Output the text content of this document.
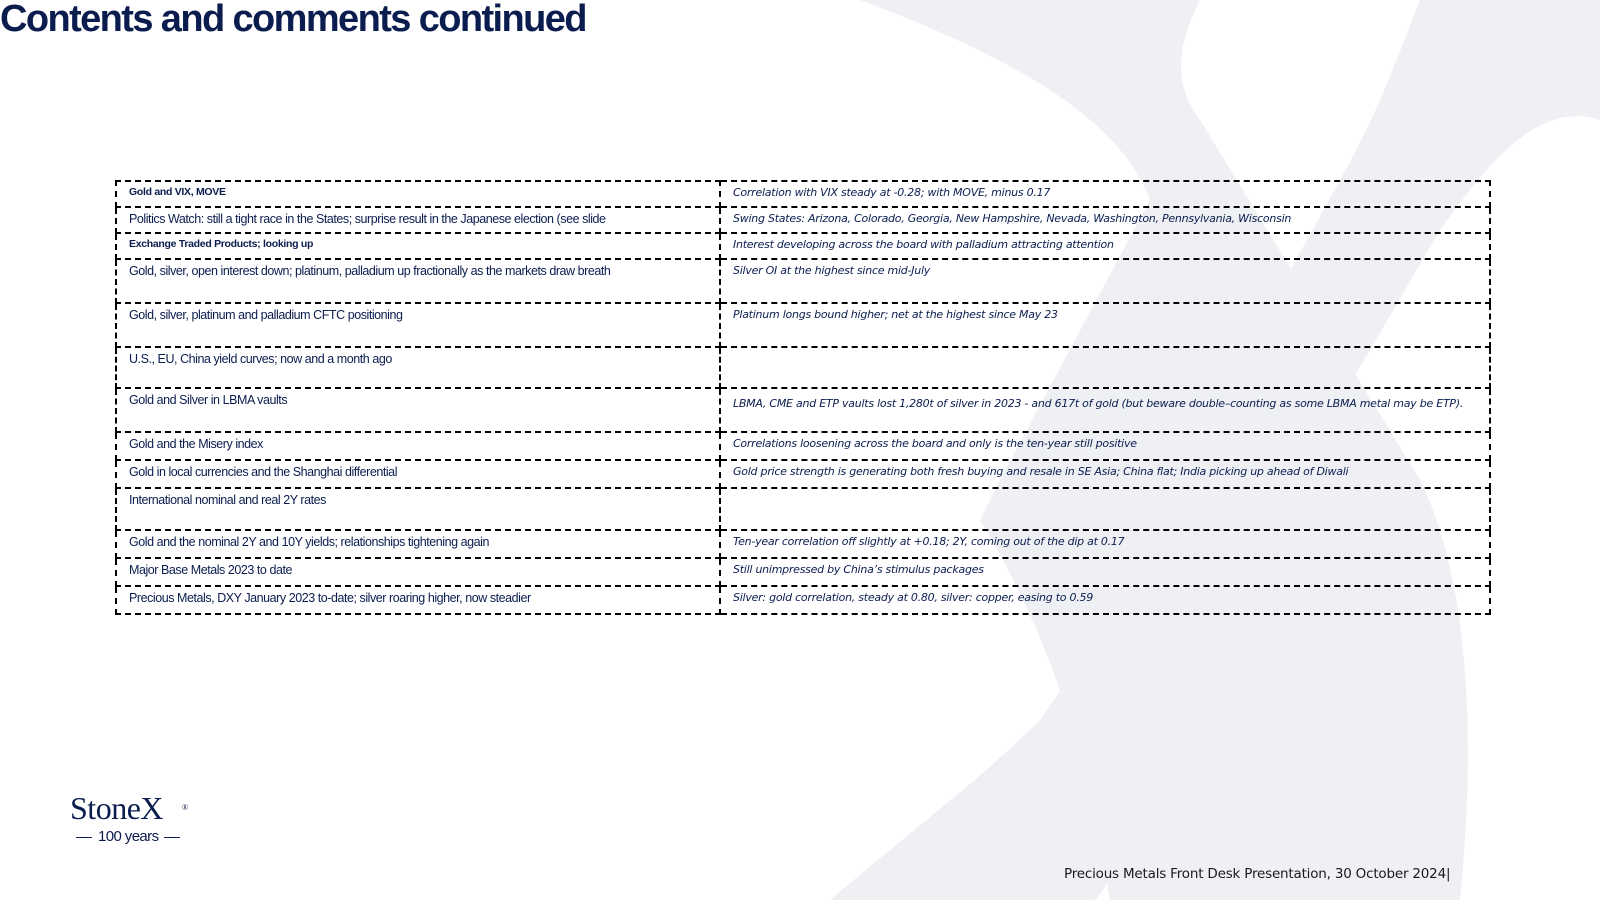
Contents and comments continued
Gold and VIX, MOVE	Correlation with VIX steady at -0.28; with MOVE, minus 0.17
Politics Watch: still a tight race in the States; surprise result in the Japanese election (see slide	Swing States: Arizona, Colorado, Georgia, New Hampshire, Nevada, Washington, Pennsylvania, Wisconsin
Exchange Traded Products; looking up	Interest developing across the board with palladium attracting attention
Gold, silver, open interest down; platinum, palladium up fractionally as the markets draw breath	Silver OI at the highest since mid-July
Gold, silver, platinum and palladium CFTC positioning	Platinum longs bound higher; net at the highest since May 23
U.S., EU, China yield curves; now and a month ago	
Gold and Silver in LBMA vaults	LBMA, CME and ETP vaults lost 1,280t of silver in 2023 - and 617t of gold (but beware double–counting as some LBMA metal may be ETP).
Gold and the Misery index	Correlations loosening across the board and only is the ten-year still positive
Gold in local currencies and the Shanghai differential	Gold price strength is generating both fresh buying and resale in SE Asia; China flat; India picking up ahead of Diwali
International nominal and real 2Y rates	
Gold and the nominal 2Y and 10Y yields; relationships tightening again	Ten-year correlation off slightly at +0.18; 2Y, coming out of the dip at 0.17
Major Base Metals 2023 to date	Still unimpressed by China’s stimulus packages
Precious Metals, DXY January 2023 to-date; silver roaring higher, now steadier	Silver: gold correlation, steady at 0.80, silver: copper, easing to 0.59
StoneX ®
100 years
Precious Metals Front Desk Presentation, 30 October 2024|
